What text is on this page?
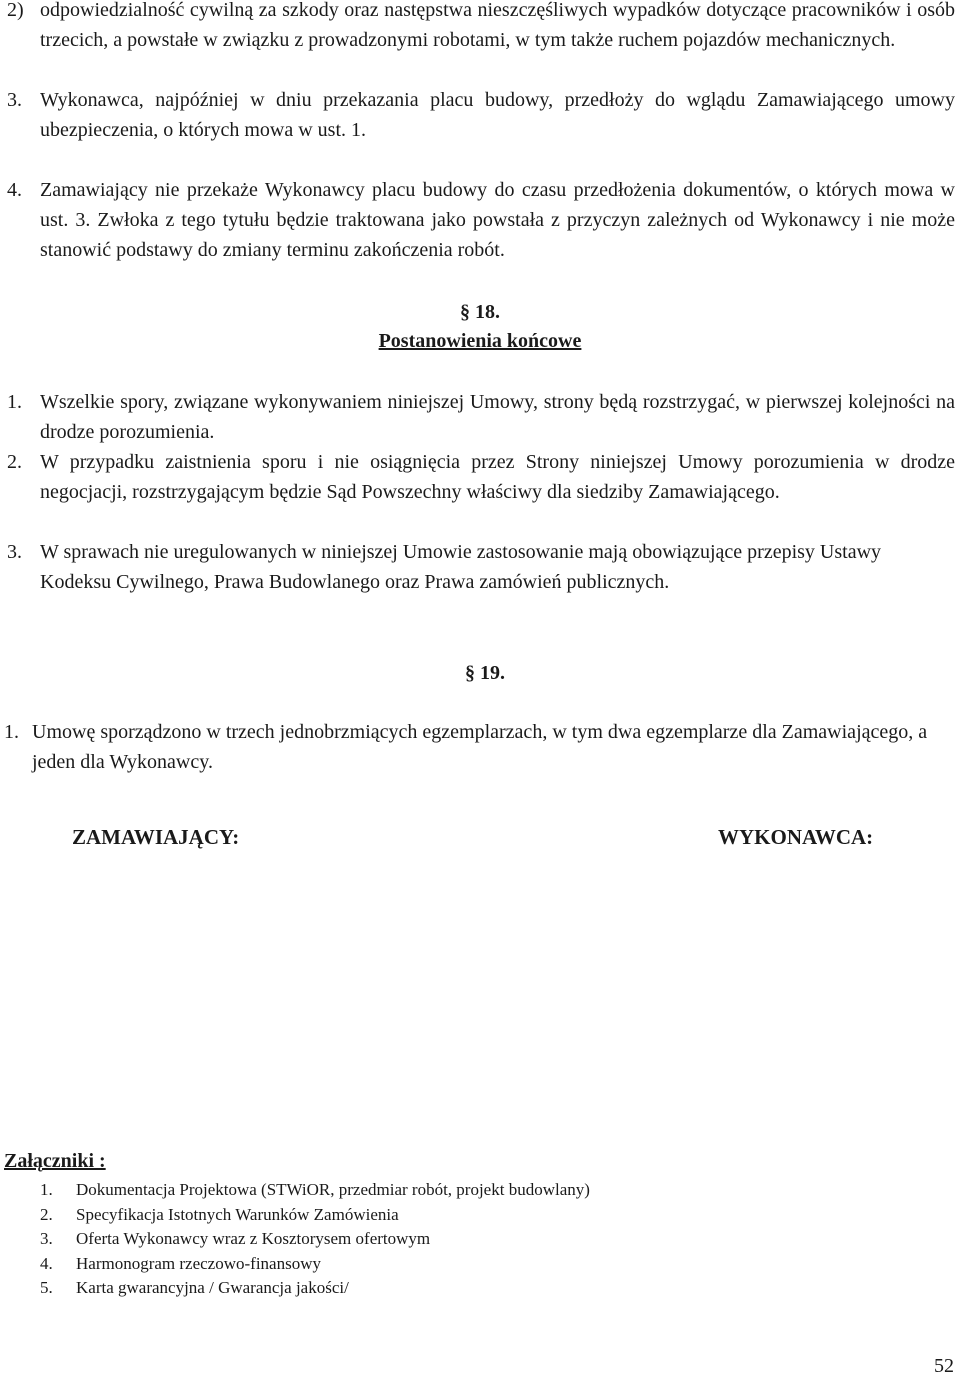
2) odpowiedzialność cywilną za szkody oraz następstwa nieszczęśliwych wypadków dotyczące pracowników i osób trzecich, a powstałe w związku z prowadzonymi robotami, w tym także ruchem pojazdów mechanicznych.
3. Wykonawca, najpóźniej w dniu przekazania placu budowy, przedłoży do wglądu Zamawiającego umowy ubezpieczenia, o których mowa w ust. 1.
4. Zamawiający nie przekaże Wykonawcy placu budowy do czasu przedłożenia dokumentów, o których mowa w ust. 3. Zwłoka z tego tytułu będzie traktowana jako powstała z przyczyn zależnych od Wykonawcy i nie może stanowić podstawy do zmiany terminu zakończenia robót.
§ 18.
Postanowienia końcowe
1. Wszelkie spory, związane wykonywaniem niniejszej Umowy, strony będą rozstrzygać, w pierwszej kolejności na drodze porozumienia.
2. W przypadku zaistnienia sporu i nie osiągnięcia przez Strony niniejszej Umowy porozumienia w drodze negocjacji, rozstrzygającym będzie Sąd Powszechny właściwy dla siedziby Zamawiającego.
3. W sprawach nie uregulowanych w niniejszej Umowie zastosowanie mają obowiązujące przepisy Ustawy Kodeksu Cywilnego, Prawa Budowlanego oraz Prawa zamówień publicznych.
§ 19.
1. Umowę sporządzono w trzech jednobrzmiących egzemplarzach, w tym dwa egzemplarze dla Zamawiającego, a jeden dla Wykonawcy.
ZAMAWIAJĄCY:	WYKONAWCA:
Załączniki :
1. Dokumentacja Projektowa (STWiOR, przedmiar robót, projekt budowlany)
2. Specyfikacja Istotnych Warunków Zamówienia
3. Oferta Wykonawcy wraz z Kosztorysem ofertowym
4. Harmonogram rzeczowo-finansowy
5. Karta gwarancyjna / Gwarancja jakości/
52
